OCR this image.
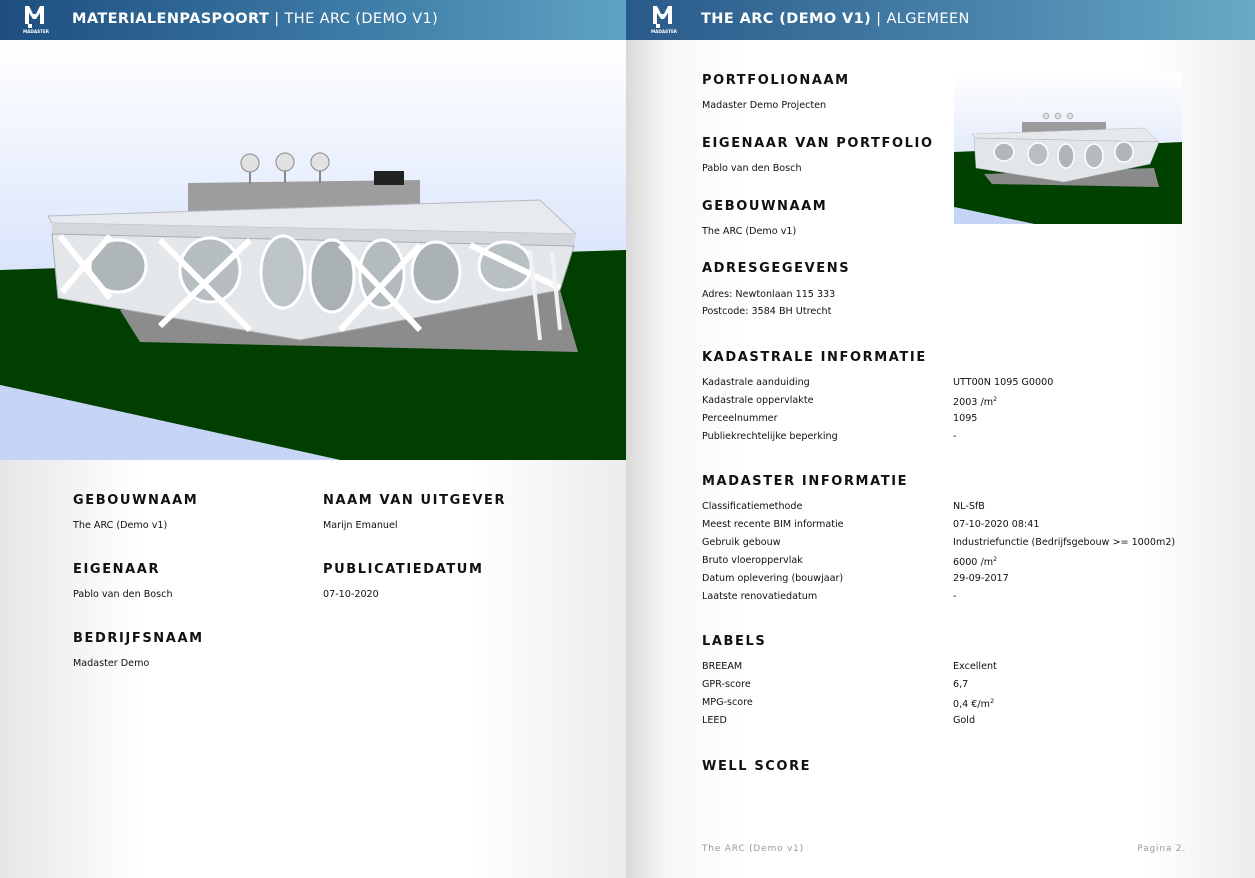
MADASTER
MATERIALENPASPOORT | THE ARC (DEMO V1)
GEBOUWNAAM
The ARC (Demo v1)
NAAM VAN UITGEVER
Marijn Emanuel
EIGENAAR
Pablo van den Bosch
PUBLICATIEDATUM
07-10-2020
BEDRIJFSNAAM
Madaster Demo
MADASTER
THE ARC (DEMO V1) | ALGEMEEN
PORTFOLIONAAM
Madaster Demo Projecten
EIGENAAR VAN PORTFOLIO
Pablo van den Bosch
GEBOUWNAAM
The ARC (Demo v1)
ADRESGEGEVENS
Adres: Newtonlaan 115 333
Postcode: 3584 BH Utrecht
KADASTRALE INFORMATIE
Kadastrale aanduiding	UTT00N 1095 G0000
Kadastrale oppervlakte	2003 $/m^2$
Perceelnummer	1095
Publiekrechtelijke beperking	-
MADASTER INFORMATIE
Classificatiemethode	NL-SfB
Meest recente BIM informatie	07-10-2020 08:41
Gebruik gebouw	Industriefunctie (Bedrijfsgebouw >= 1000m2)
Bruto vloeroppervlak	6000 $/m^2$
Datum oplevering (bouwjaar)	29-09-2017
Laatste renovatiedatum	-
LABELS
BREEAM	Excellent
GPR-score	6,7
MPG-score	0,4 $€/m^2$
LEED	Gold
WELL SCORE
The ARC (Demo v1)	Pagina 2.
